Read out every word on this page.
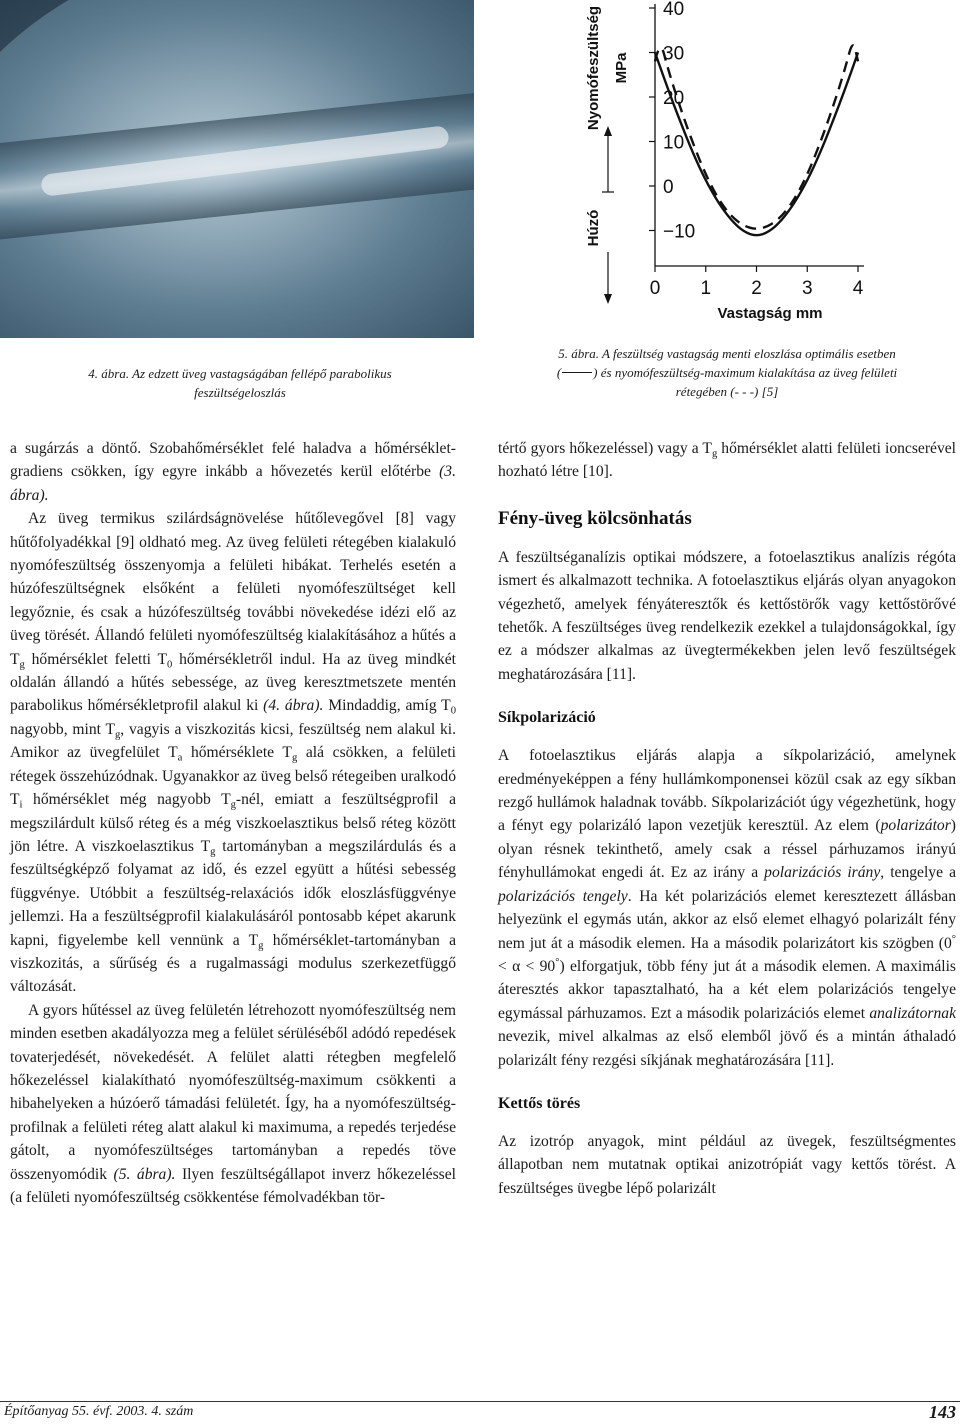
4. ábra. Az edzett üveg vastagságában fellépő parabolikus
feszültségeloszlás
40
30
20
10
0
−10
0 1 2 3 4
Nyomófeszültség MPa
Húzó
Vastagság mm
5. ábra. A feszültség vastagság menti eloszlása optimális esetben
( ) és nyomófeszültség-maximum kialakítása az üveg felületi
rétegében (- - -) [5]

a sugárzás a döntő. Szobahőmérséklet felé haladva a hőmérséklet-gradiens csökken, így egyre inkább a hővezetés kerül előtérbe (3. ábra).

Az üveg termikus szilárdságnövelése hűtőlevegővel [8] vagy hűtőfolyadékkal [9] oldható meg. Az üveg felületi rétegében kialakuló nyomófeszültség összenyomja a felületi hibákat. Terhelés esetén a húzófeszültségnek elsőként a felületi nyomófeszültséget kell legyőznie, és csak a húzófeszültség további növekedése idézi elő az üveg törését. Állandó felületi nyomófeszültség kialakításához a hűtés a $T_g$ hőmérséklet feletti $T_0$ hőmérsékletről indul. Ha az üveg mindkét oldalán állandó a hűtés sebessége, az üveg keresztmetszete mentén parabolikus hőmérsékletprofil alakul ki (4. ábra). Mindaddig, amíg $T_0$ nagyobb, mint $T_g$, vagyis a viszkozitás kicsi, feszültség nem alakul ki. Amikor az üvegfelület $T_a$ hőmérséklete $T_g$ alá csökken, a felületi rétegek összehúzódnak. Ugyanakkor az üveg belső rétegeiben uralkodó $T_i$ hőmérséklet még nagyobb $T_g$-nél, emiatt a feszültségprofil a megszilárdult külső réteg és a még viszkoelasztikus belső réteg között jön létre. A viszkoelasztikus $T_g$ tartományban a megszilárdulás és a feszültségképző folyamat az idő, és ezzel együtt a hűtési sebesség függvénye. Utóbbit a feszültség-relaxációs idők eloszlásfüggvénye jellemzi. Ha a feszültségprofil kialakulásáról pontosabb képet akarunk kapni, figyelembe kell vennünk a $T_g$ hőmérséklet-tartományban a viszkozitás, a sűrűség és a rugalmassági modulus szerkezetfüggő változását.

A gyors hűtéssel az üveg felületén létrehozott nyomófeszültség nem minden esetben akadályozza meg a felület sérüléséből adódó repedések tovaterjedését, növekedését. A felület alatti rétegben megfelelő hőkezeléssel kialakítható nyomófeszültség-maximum csökkenti a hibahelyeken a húzóerő támadási felületét. Így, ha a nyomófeszültség-profilnak a felületi réteg alatt alakul ki maximuma, a repedés terjedése gátolt, a nyomófeszültséges tartományban a repedés töve összenyomódik (5. ábra). Ilyen feszültségállapot inverz hőkezeléssel (a felületi nyomófeszültség csökkentése fémolvadékban tör-

tértő gyors hőkezeléssel) vagy a $T_g$ hőmérséklet alatti felületi ioncserével hozható létre [10].

Fény-üveg kölcsönhatás

A feszültséganalízis optikai módszere, a fotoelasztikus analízis régóta ismert és alkalmazott technika. A fotoelasztikus eljárás olyan anyagokon végezhető, amelyek fényáteresztők és kettőstörők vagy kettőstörővé tehetők. A feszültséges üveg rendelkezik ezekkel a tulajdonságokkal, így ez a módszer alkalmas az üvegtermékekben jelen levő feszültségek meghatározására [11].

Síkpolarizáció

A fotoelasztikus eljárás alapja a síkpolarizáció, amelynek eredményeképpen a fény hullámkomponensei közül csak az egy síkban rezgő hullámok haladnak tovább. Síkpolarizációt úgy végezhetünk, hogy a fényt egy polarizáló lapon vezetjük keresztül. Az elem (polarizátor) olyan résnek tekinthető, amely csak a réssel párhuzamos irányú fényhullámokat engedi át. Ez az irány a polarizációs irány, tengelye a polarizációs tengely. Ha két polarizációs elemet keresztezett állásban helyezünk el egymás után, akkor az első elemet elhagyó polarizált fény nem jut át a második elemen. Ha a második polarizátort kis szögben (0° < α < 90°) elforgatjuk, több fény jut át a második elemen. A maximális áteresztés akkor tapasztalható, ha a két elem polarizációs tengelye egymással párhuzamos. Ezt a második polarizációs elemet analizátornak nevezik, mivel alkalmas az első elemből jövő és a mintán áthaladó polarizált fény rezgési síkjának meghatározására [11].

Kettős törés

Az izotróp anyagok, mint például az üvegek, feszültségmentes állapotban nem mutatnak optikai anizotrópiát vagy kettős törést. A feszültséges üvegbe lépő polarizált

Építőanyag 55. évf. 2003. 4. szám	143
